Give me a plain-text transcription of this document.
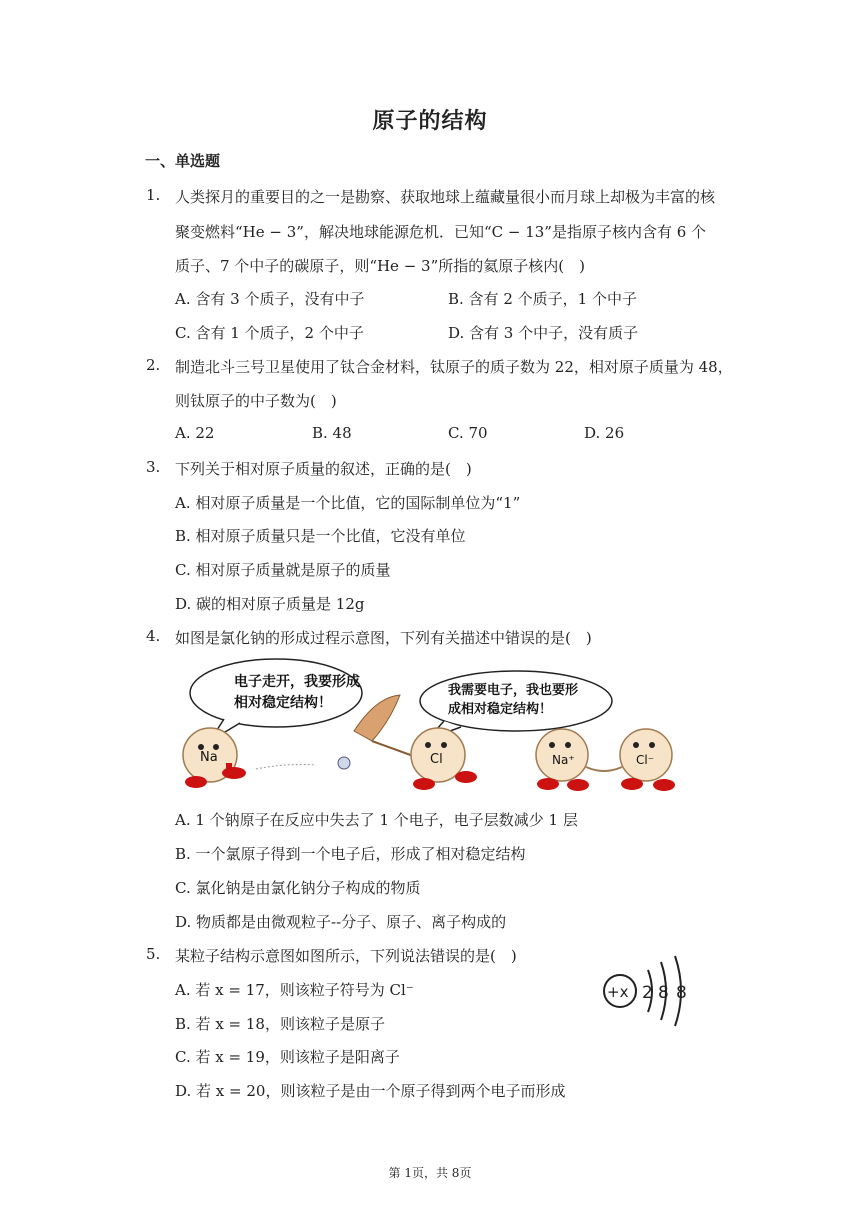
原子的结构
一、单选题
1. 人类探月的重要目的之一是勘察、获取地球上蕴藏量很小而月球上却极为丰富的核
聚变燃料“He − 3”，解决地球能源危机．已知“C − 13”是指原子核内含有 6 个
质子、7 个中子的碳原子，则“He − 3”所指的氦原子核内(　)
A. 含有 3 个质子，没有中子	B. 含有 2 个质子，1 个中子
C. 含有 1 个质子，2 个中子	D. 含有 3 个中子，没有质子
2. 制造北斗三号卫星使用了钛合金材料，钛原子的质子数为 22，相对原子质量为 48，
则钛原子的中子数为(　)
A. 22	B. 48	C. 70	D. 26
3. 下列关于相对原子质量的叙述，正确的是(　)
A. 相对原子质量是一个比值，它的国际制单位为“1”
B. 相对原子质量只是一个比值，它没有单位
C. 相对原子质量就是原子的质量
D. 碳的相对原子质量是 12g
4. 如图是氯化钠的形成过程示意图，下列有关描述中错误的是(　)
电子走开，我要形成
相对稳定结构！
我需要电子，我也要形
成相对稳定结构！
Na	Cl	Na⁺	Cl⁻
A. 1 个钠原子在反应中失去了 1 个电子，电子层数减少 1 层
B. 一个氯原子得到一个电子后，形成了相对稳定结构
C. 氯化钠是由氯化钠分子构成的物质
D. 物质都是由微观粒子--分子、原子、离子构成的
5. 某粒子结构示意图如图所示，下列说法错误的是(　)
+x 2 8 8
A. 若 x = 17，则该粒子符号为 Cl⁻
B. 若 x = 18，则该粒子是原子
C. 若 x = 19，则该粒子是阳离子
D. 若 x = 20，则该粒子是由一个原子得到两个电子而形成
第 1页，共 8页
